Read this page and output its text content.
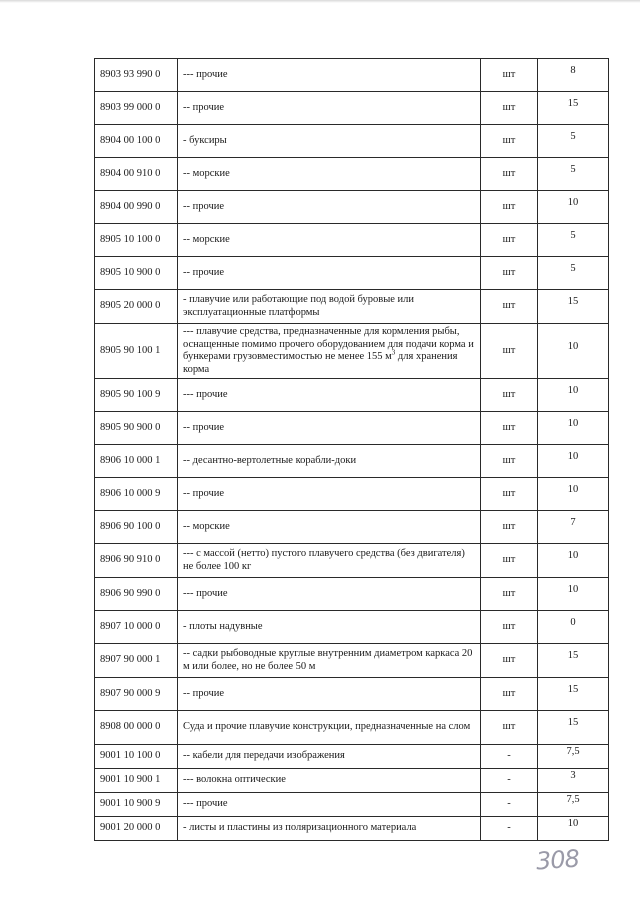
8903 93 990 0	--- прочие	шт	8
8903 99 000 0	-- прочие	шт	15
8904 00 100 0	- буксиры	шт	5
8904 00 910 0	-- морские	шт	5
8904 00 990 0	-- прочие	шт	10
8905 10 100 0	-- морские	шт	5
8905 10 900 0	-- прочие	шт	5
8905 20 000 0	- плавучие или работающие под водой буровые или эксплуатационные платформы	шт	15
8905 90 100 1	--- плавучие средства, предназначенные для кормления рыбы, оснащенные помимо прочего оборудованием для подачи корма и бункерами грузовместимостью не менее 155 $м^3$ для хранения корма	шт	10
8905 90 100 9	--- прочие	шт	10
8905 90 900 0	-- прочие	шт	10
8906 10 000 1	-- десантно-вертолетные корабли-доки	шт	10
8906 10 000 9	-- прочие	шт	10
8906 90 100 0	-- морские	шт	7
8906 90 910 0	--- с массой (нетто) пустого плавучего средства (без двигателя) не более 100 кг	шт	10
8906 90 990 0	--- прочие	шт	10
8907 10 000 0	- плоты надувные	шт	0
8907 90 000 1	-- садки рыбоводные круглые внутренним диаметром каркаса 20 м или более, но не более 50 м	шт	15
8907 90 000 9	-- прочие	шт	15
8908 00 000 0	Суда и прочие плавучие конструкции, предназначенные на слом	шт	15
9001 10 100 0	-- кабели для передачи изображения	-	7,5
9001 10 900 1	--- волокна оптические	-	3
9001 10 900 9	--- прочие	-	7,5
9001 20 000 0	- листы и пластины из поляризационного материала	-	10
308
